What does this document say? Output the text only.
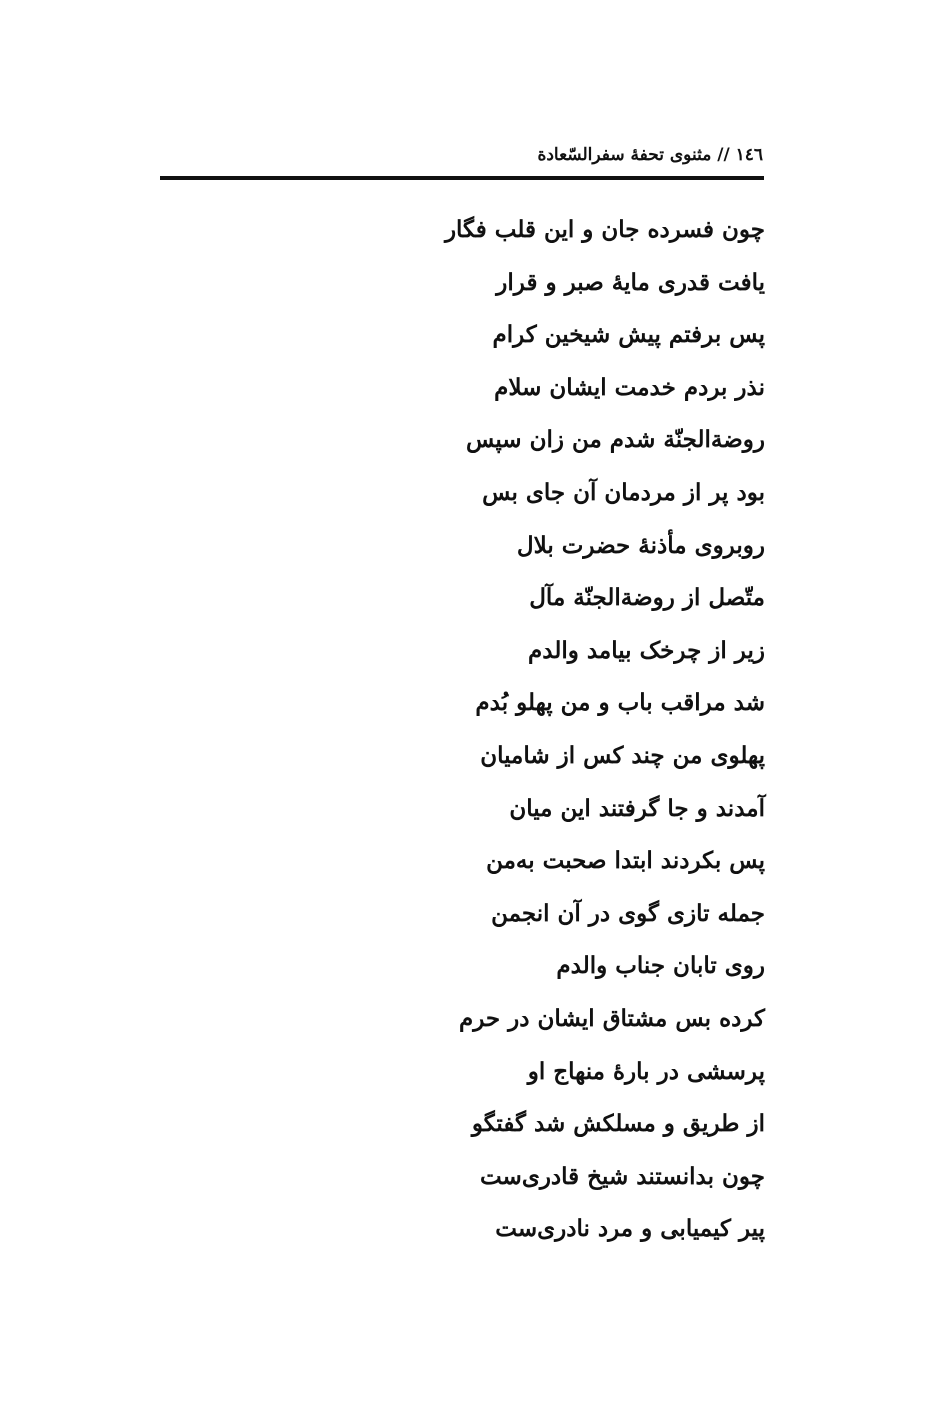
١٤٦ // مثنوی تحفهٔ سفرالسّعادة
چون فسرده جان و این قلب فگار
یافت قدری مایهٔ صبر و قرار
پس برفتم پیش شیخین کرام
نذر بردم خدمت ایشان سلام
روضةالجنّة شدم من زان سپس
بود پر از مردمان آن جای بس
روبروی مأذنهٔ حضرت بلال
متّصل از روضةالجنّة مآل
زیر از چرخک بیامد والدم
شد مراقب باب و من پهلو بُدم
پهلوی من چند کس از شامیان
آمدند و جا گرفتند این میان
پس بکردند ابتدا صحبت به‌من
جمله تازی گوی در آن انجمن
روی تابان جناب والدم
کرده بس مشتاق ایشان در حرم
پرسشی در بارهٔ منهاج او
از طریق و مسلکش شد گفتگو
چون بدانستند شیخ قادری‌ست
پیر کیمیابی و مرد نادری‌ست
